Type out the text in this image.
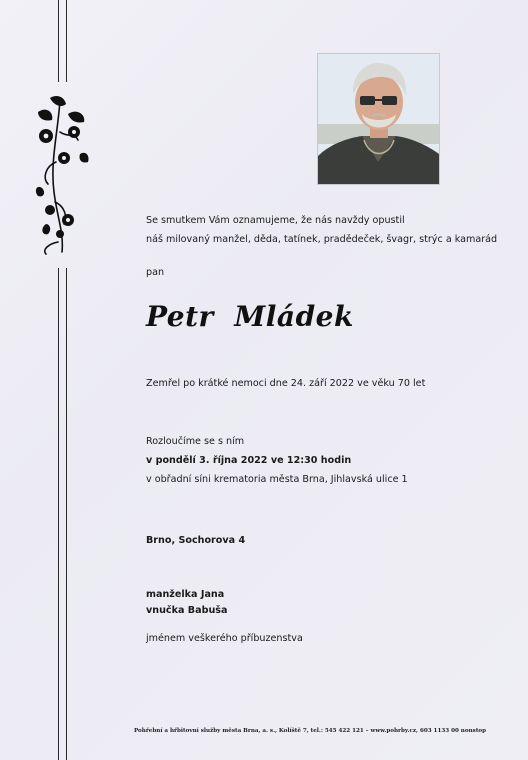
Se smutkem Vám oznamujeme, že nás navždy opustil
náš milovaný manžel, děda, tatínek, pradědeček, švagr, strýc a kamarád
pan
Petr  Mládek
Zemřel po krátké nemoci dne 24. září 2022 ve věku 70 let
Rozloučíme se s ním
v pondělí 3. října 2022 ve 12:30 hodin
v obřadní síni krematoria města Brna, Jihlavská ulice 1
Brno, Sochorova 4
manželka Jana
vnučka Babuša
jménem veškerého příbuzenstva
Pohřební a hřbitovní služby města Brna, a. s., Kolíště 7, tel.: 545 422 121 – www.pohrby.cz, 603 1133 00 nonstop
